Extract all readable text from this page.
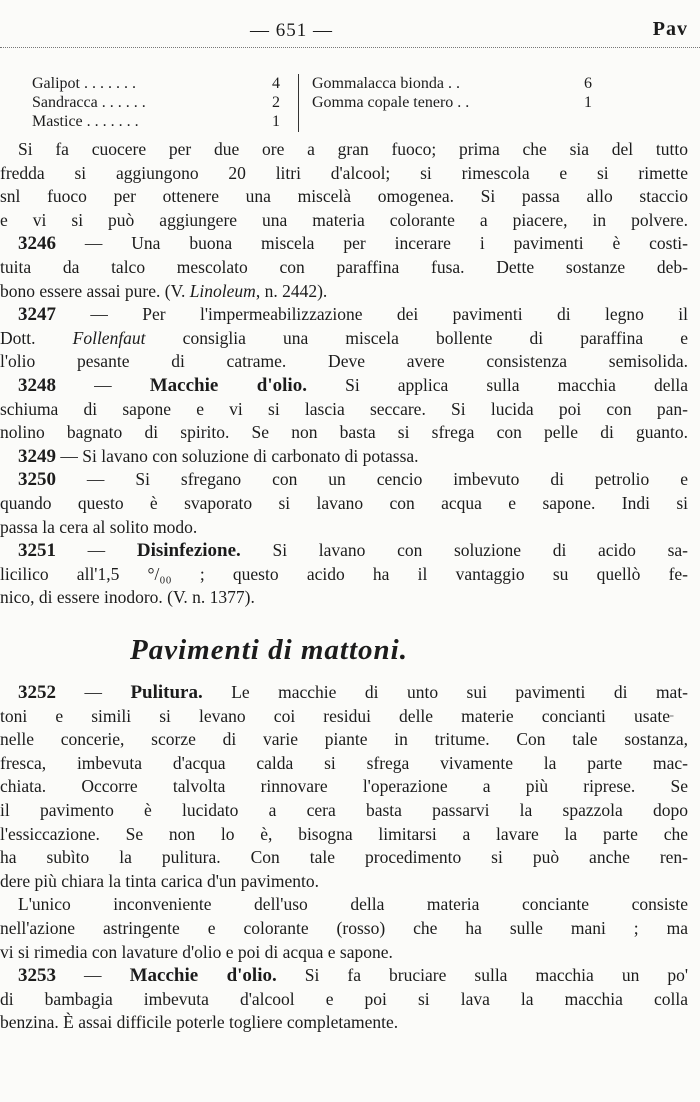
— 651 —	Pav
Galipot . . . . . . .	4
Sandracca . . . . . .	2
Mastice . . . . . . .	1
Gommalacca bionda . .	6
Gomma copale tenero . .	1
Si fa cuocere per due ore a gran fuoco; prima che sia del tutto
fredda si aggiungono 20 litri d'alcool; si rimescola e si rimette
snl fuoco per ottenere una miscelà omogenea. Si passa allo staccio
e vi si può aggiungere una materia colorante a piacere, in polvere.
3246 — Una buona miscela per incerare i pavimenti è costi-
tuita da talco mescolato con paraffina fusa. Dette sostanze deb-
bono essere assai pure. (V. Linoleum, n. 2442).
3247 — Per l'impermeabilizzazione dei pavimenti di legno il
Dott. Follenfaut consiglia una miscela bollente di paraffina e
l'olio pesante di catrame. Deve avere consistenza semisolida.
3248 — Macchie d'olio. Si applica sulla macchia della
schiuma di sapone e vi si lascia seccare. Si lucida poi con pan-
nolino bagnato di spirito. Se non basta si sfrega con pelle di guanto.
3249 — Si lavano con soluzione di carbonato di potassa.
3250 — Si sfregano con un cencio imbevuto di petrolio e
quando questo è svaporato si lavano con acqua e sapone. Indi si
passa la cera al solito modo.
3251 — Disinfezione. Si lavano con soluzione di acido sa-
licilico all'1,5 °/₀₀ ; questo acido ha il vantaggio su quellò fe-
nico, di essere inodoro. (V. n. 1377).
Pavimenti di mattoni.
3252 — Pulitura. Le macchie di unto sui pavimenti di mat-
toni e simili si levano coi residui delle materie concianti usate
nelle concerie, scorze di varie piante in tritume. Con tale sostanza,
fresca, imbevuta d'acqua calda si sfrega vivamente la parte mac-
chiata. Occorre talvolta rinnovare l'operazione a più riprese. Se
il pavimento è lucidato a cera basta passarvi la spazzola dopo
l'essiccazione. Se non lo è, bisogna limitarsi a lavare la parte che
ha subìto la pulitura. Con tale procedimento si può anche ren-
dere più chiara la tinta carica d'un pavimento.
L'unico inconveniente dell'uso della materia conciante consiste
nell'azione astringente e colorante (rosso) che ha sulle mani ; ma
vi si rimedia con lavature d'olio e poi di acqua e sapone.
3253 — Macchie d'olio. Si fa bruciare sulla macchia un po'
di bambagia imbevuta d'alcool e poi si lava la macchia colla
benzina. È assai difficile poterle togliere completamente.
-
